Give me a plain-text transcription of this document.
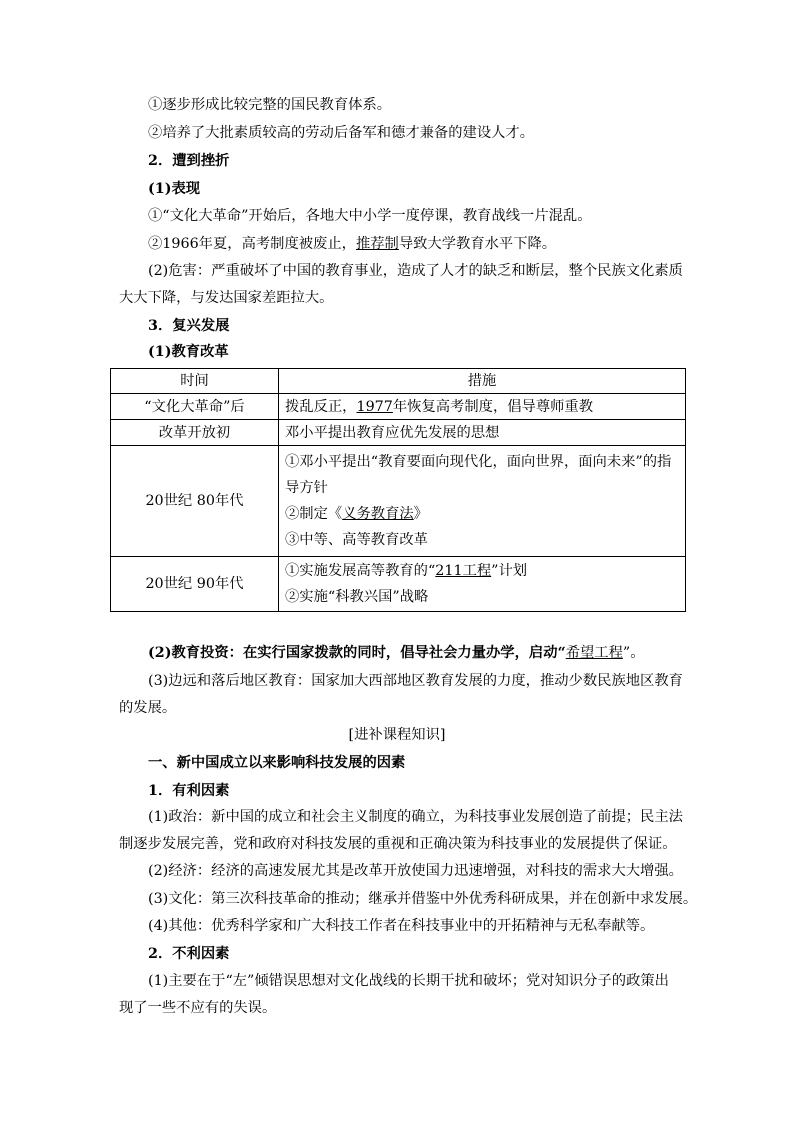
①逐步形成比较完整的国民教育体系。
②培养了大批素质较高的劳动后备军和德才兼备的建设人才。
2．遭到挫折
(1)表现
①“文化大革命”开始后，各地大中小学一度停课，教育战线一片混乱。
②1966年夏，高考制度被废止，推荐制导致大学教育水平下降。
(2)危害：严重破坏了中国的教育事业，造成了人才的缺乏和断层，整个民族文化素质
大大下降，与发达国家差距拉大。
3．复兴发展
(1)教育改革
时间	措施
“文化大革命”后	拨乱反正，1977年恢复高考制度，倡导尊师重教
改革开放初	邓小平提出教育应优先发展的思想
20世纪 80年代	①邓小平提出“教育要面向现代化，面向世界，面向未来”的指
导方针
②制定《义务教育法》
③中等、高等教育改革

20世纪 90年代	①实施发展高等教育的“211工程”计划
②实施“科教兴国”战略
(2)教育投资：在实行国家拨款的同时，倡导社会力量办学，启动“希望工程”。
(3)边远和落后地区教育：国家加大西部地区教育发展的力度，推动少数民族地区教育
的发展。
[进补课程知识]
一、新中国成立以来影响科技发展的因素
1．有利因素
(1)政治：新中国的成立和社会主义制度的确立，为科技事业发展创造了前提；民主法
制逐步发展完善，党和政府对科技发展的重视和正确决策为科技事业的发展提供了保证。
(2)经济：经济的高速发展尤其是改革开放使国力迅速增强，对科技的需求大大增强。
(3)文化：第三次科技革命的推动；继承并借鉴中外优秀科研成果，并在创新中求发展。
(4)其他：优秀科学家和广大科技工作者在科技事业中的开拓精神与无私奉献等。
2．不利因素
(1)主要在于“左”倾错误思想对文化战线的长期干扰和破坏；党对知识分子的政策出
现了一些不应有的失误。
